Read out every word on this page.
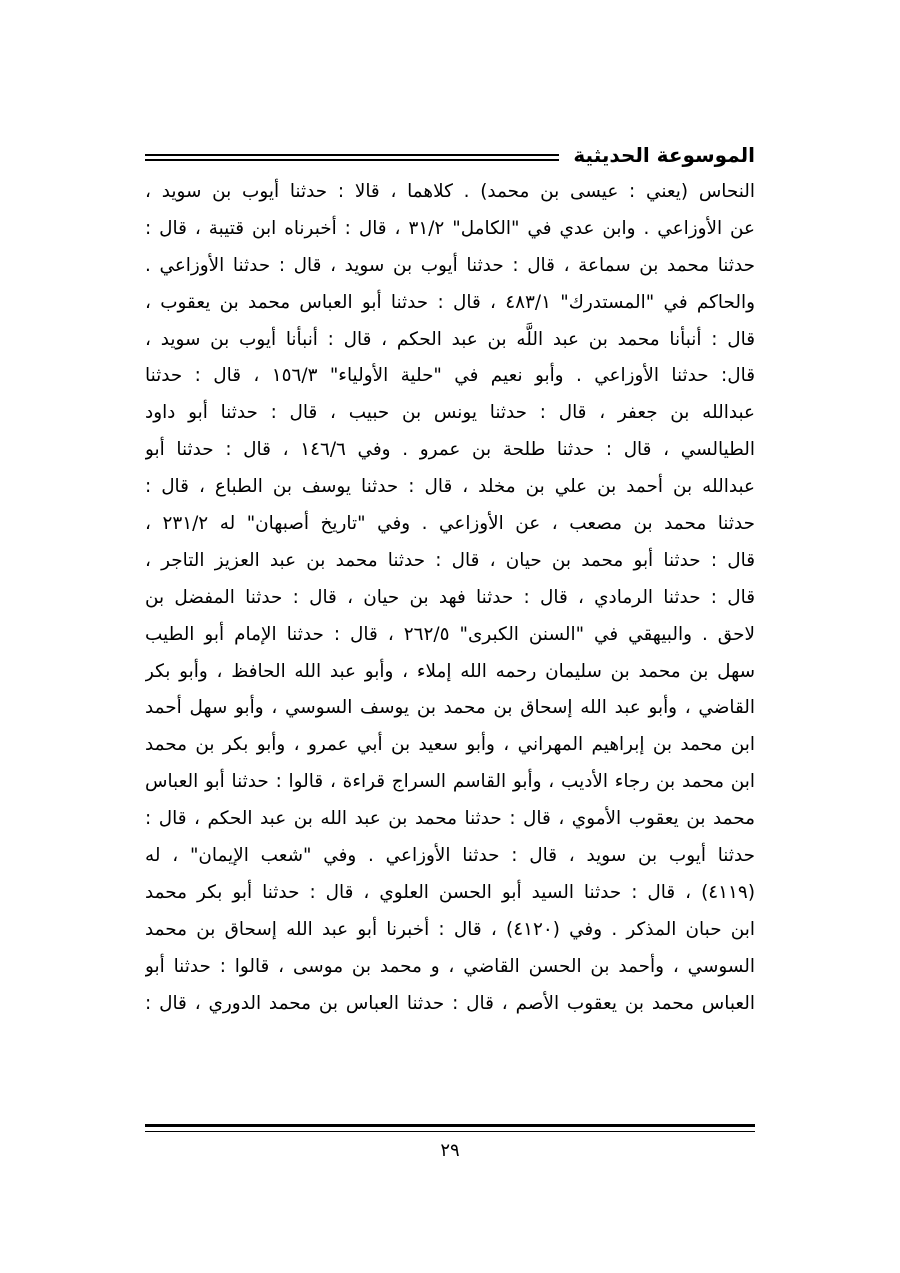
الموسوعة الحديثية
النحاس (يعني : عيسى بن محمد) . كلاهما ، قالا : حدثنا أيوب بن سويد ،
عن الأوزاعي . وابن عدي في "الكامل" ٣١/٢ ، قال : أخبرناه ابن قتيبة ، قال :
حدثنا محمد بن سماعة ، قال : حدثنا أيوب بن سويد ، قال : حدثنا الأوزاعي .
والحاكم في "المستدرك" ٤٨٣/١ ، قال : حدثنا أبو العباس محمد بن يعقوب ،
قال : أنبأنا محمد بن عبد اللَّه بن عبد الحكم ، قال : أنبأنا أيوب بن سويد ،
قال: حدثنا الأوزاعي . وأبو نعيم في "حلية الأولياء" ١٥٦/٣ ، قال : حدثنا
عبدالله بن جعفر ، قال : حدثنا يونس بن حبيب ، قال : حدثنا أبو داود
الطيالسي ، قال : حدثنا طلحة بن عمرو . وفي ١٤٦/٦ ، قال : حدثنا أبو
عبدالله بن أحمد بن علي بن مخلد ، قال : حدثنا يوسف بن الطباع ، قال :
حدثنا محمد بن مصعب ، عن الأوزاعي . وفي "تاريخ أصبهان" له ٢٣١/٢ ،
قال : حدثنا أبو محمد بن حيان ، قال : حدثنا محمد بن عبد العزيز التاجر ،
قال : حدثنا الرمادي ، قال : حدثنا فهد بن حيان ، قال : حدثنا المفضل بن
لاحق . والبيهقي في "السنن الكبرى" ٢٦٢/٥ ، قال : حدثنا الإمام أبو الطيب
سهل بن محمد بن سليمان رحمه الله إملاء ، وأبو عبد الله الحافظ ، وأبو بكر
القاضي ، وأبو عبد الله إسحاق بن محمد بن يوسف السوسي ، وأبو سهل أحمد
ابن محمد بن إبراهيم المهراني ، وأبو سعيد بن أبي عمرو ، وأبو بكر بن محمد
ابن محمد بن رجاء الأديب ، وأبو القاسم السراج قراءة ، قالوا : حدثنا أبو العباس
محمد بن يعقوب الأموي ، قال : حدثنا محمد بن عبد الله بن عبد الحكم ، قال :
حدثنا أيوب بن سويد ، قال : حدثنا الأوزاعي . وفي "شعب الإيمان" ، له
(٤١١٩) ، قال : حدثنا السيد أبو الحسن العلوي ، قال : حدثنا أبو بكر محمد
ابن حبان المذكر . وفي (٤١٢٠) ، قال : أخبرنا أبو عبد الله إسحاق بن محمد
السوسي ، وأحمد بن الحسن القاضي ، و محمد بن موسى ، قالوا : حدثنا أبو
العباس محمد بن يعقوب الأصم ، قال : حدثنا العباس بن محمد الدوري ، قال :
٢٩
